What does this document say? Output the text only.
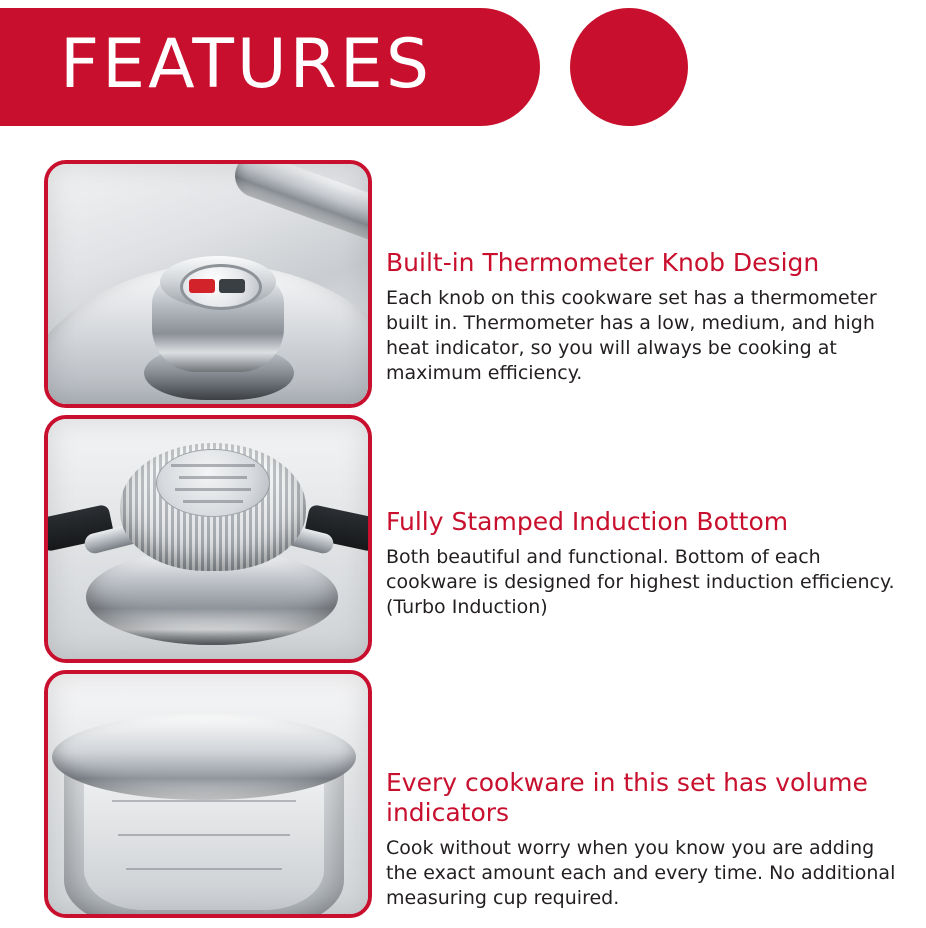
FEATURES

Built-in Thermometer Knob Design

Each knob on this cookware set has a thermometer built in. Thermometer has a low, medium, and high heat indicator, so you will always be cooking at maximum efficiency.

Fully Stamped Induction Bottom

Both beautiful and functional. Bottom of each cookware is designed for highest induction efficiency. (Turbo Induction)

Every cookware in this set has volume indicators

Cook without worry when you know you are adding the exact amount each and every time. No additional measuring cup required.
